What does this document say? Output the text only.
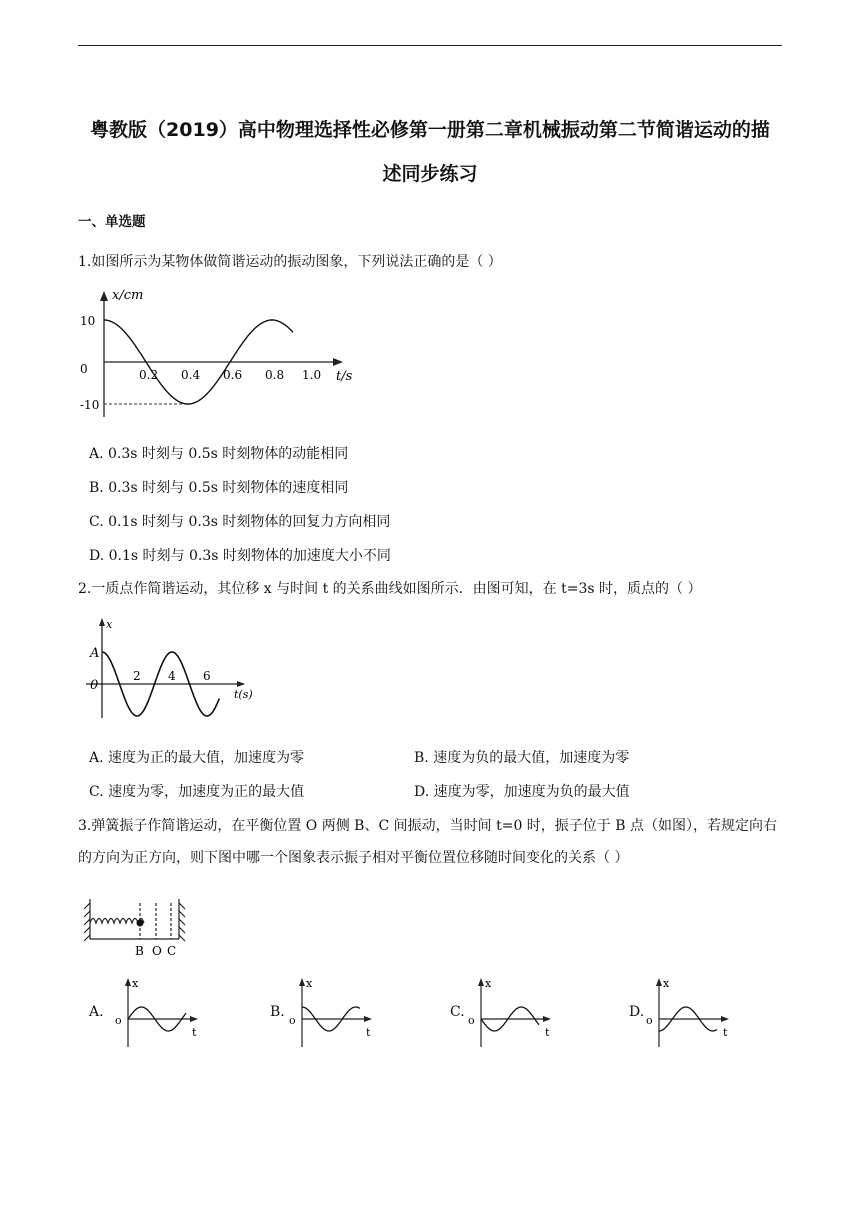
粤教版（2019）高中物理选择性必修第一册第二章机械振动第二节简谐运动的描
述同步练习
一、单选题
1.如图所示为某物体做简谐运动的振动图象，下列说法正确的是（ ）
x/cm
t/s
10
0
-10
0.2 0.4 0.6 0.8 1.0
A. 0.3s 时刻与 0.5s 时刻物体的动能相同
B. 0.3s 时刻与 0.5s 时刻物体的速度相同
C. 0.1s 时刻与 0.3s 时刻物体的回复力方向相同
D. 0.1s 时刻与 0.3s 时刻物体的加速度大小不同
2.一质点作简谐运动，其位移 x 与时间 t 的关系曲线如图所示．由图可知，在 t=3s 时，质点的（ ）
x
t(s)
A
0
2 4 6
A. 速度为正的最大值，加速度为零	B. 速度为负的最大值，加速度为零
C. 速度为零，加速度为正的最大值	D. 速度为零，加速度为负的最大值
3.弹簧振子作简谐运动，在平衡位置 O 两侧 B、C 间振动，当时间 t=0 时，振子位于 B 点（如图），若规定向右的方向为正方向，则下图中哪一个图象表示振子相对平衡位置位移随时间变化的关系（ ）
B O C
A.	B.	C.	D.
x
t
o
x
t
o
x
t
o
x
t
o
